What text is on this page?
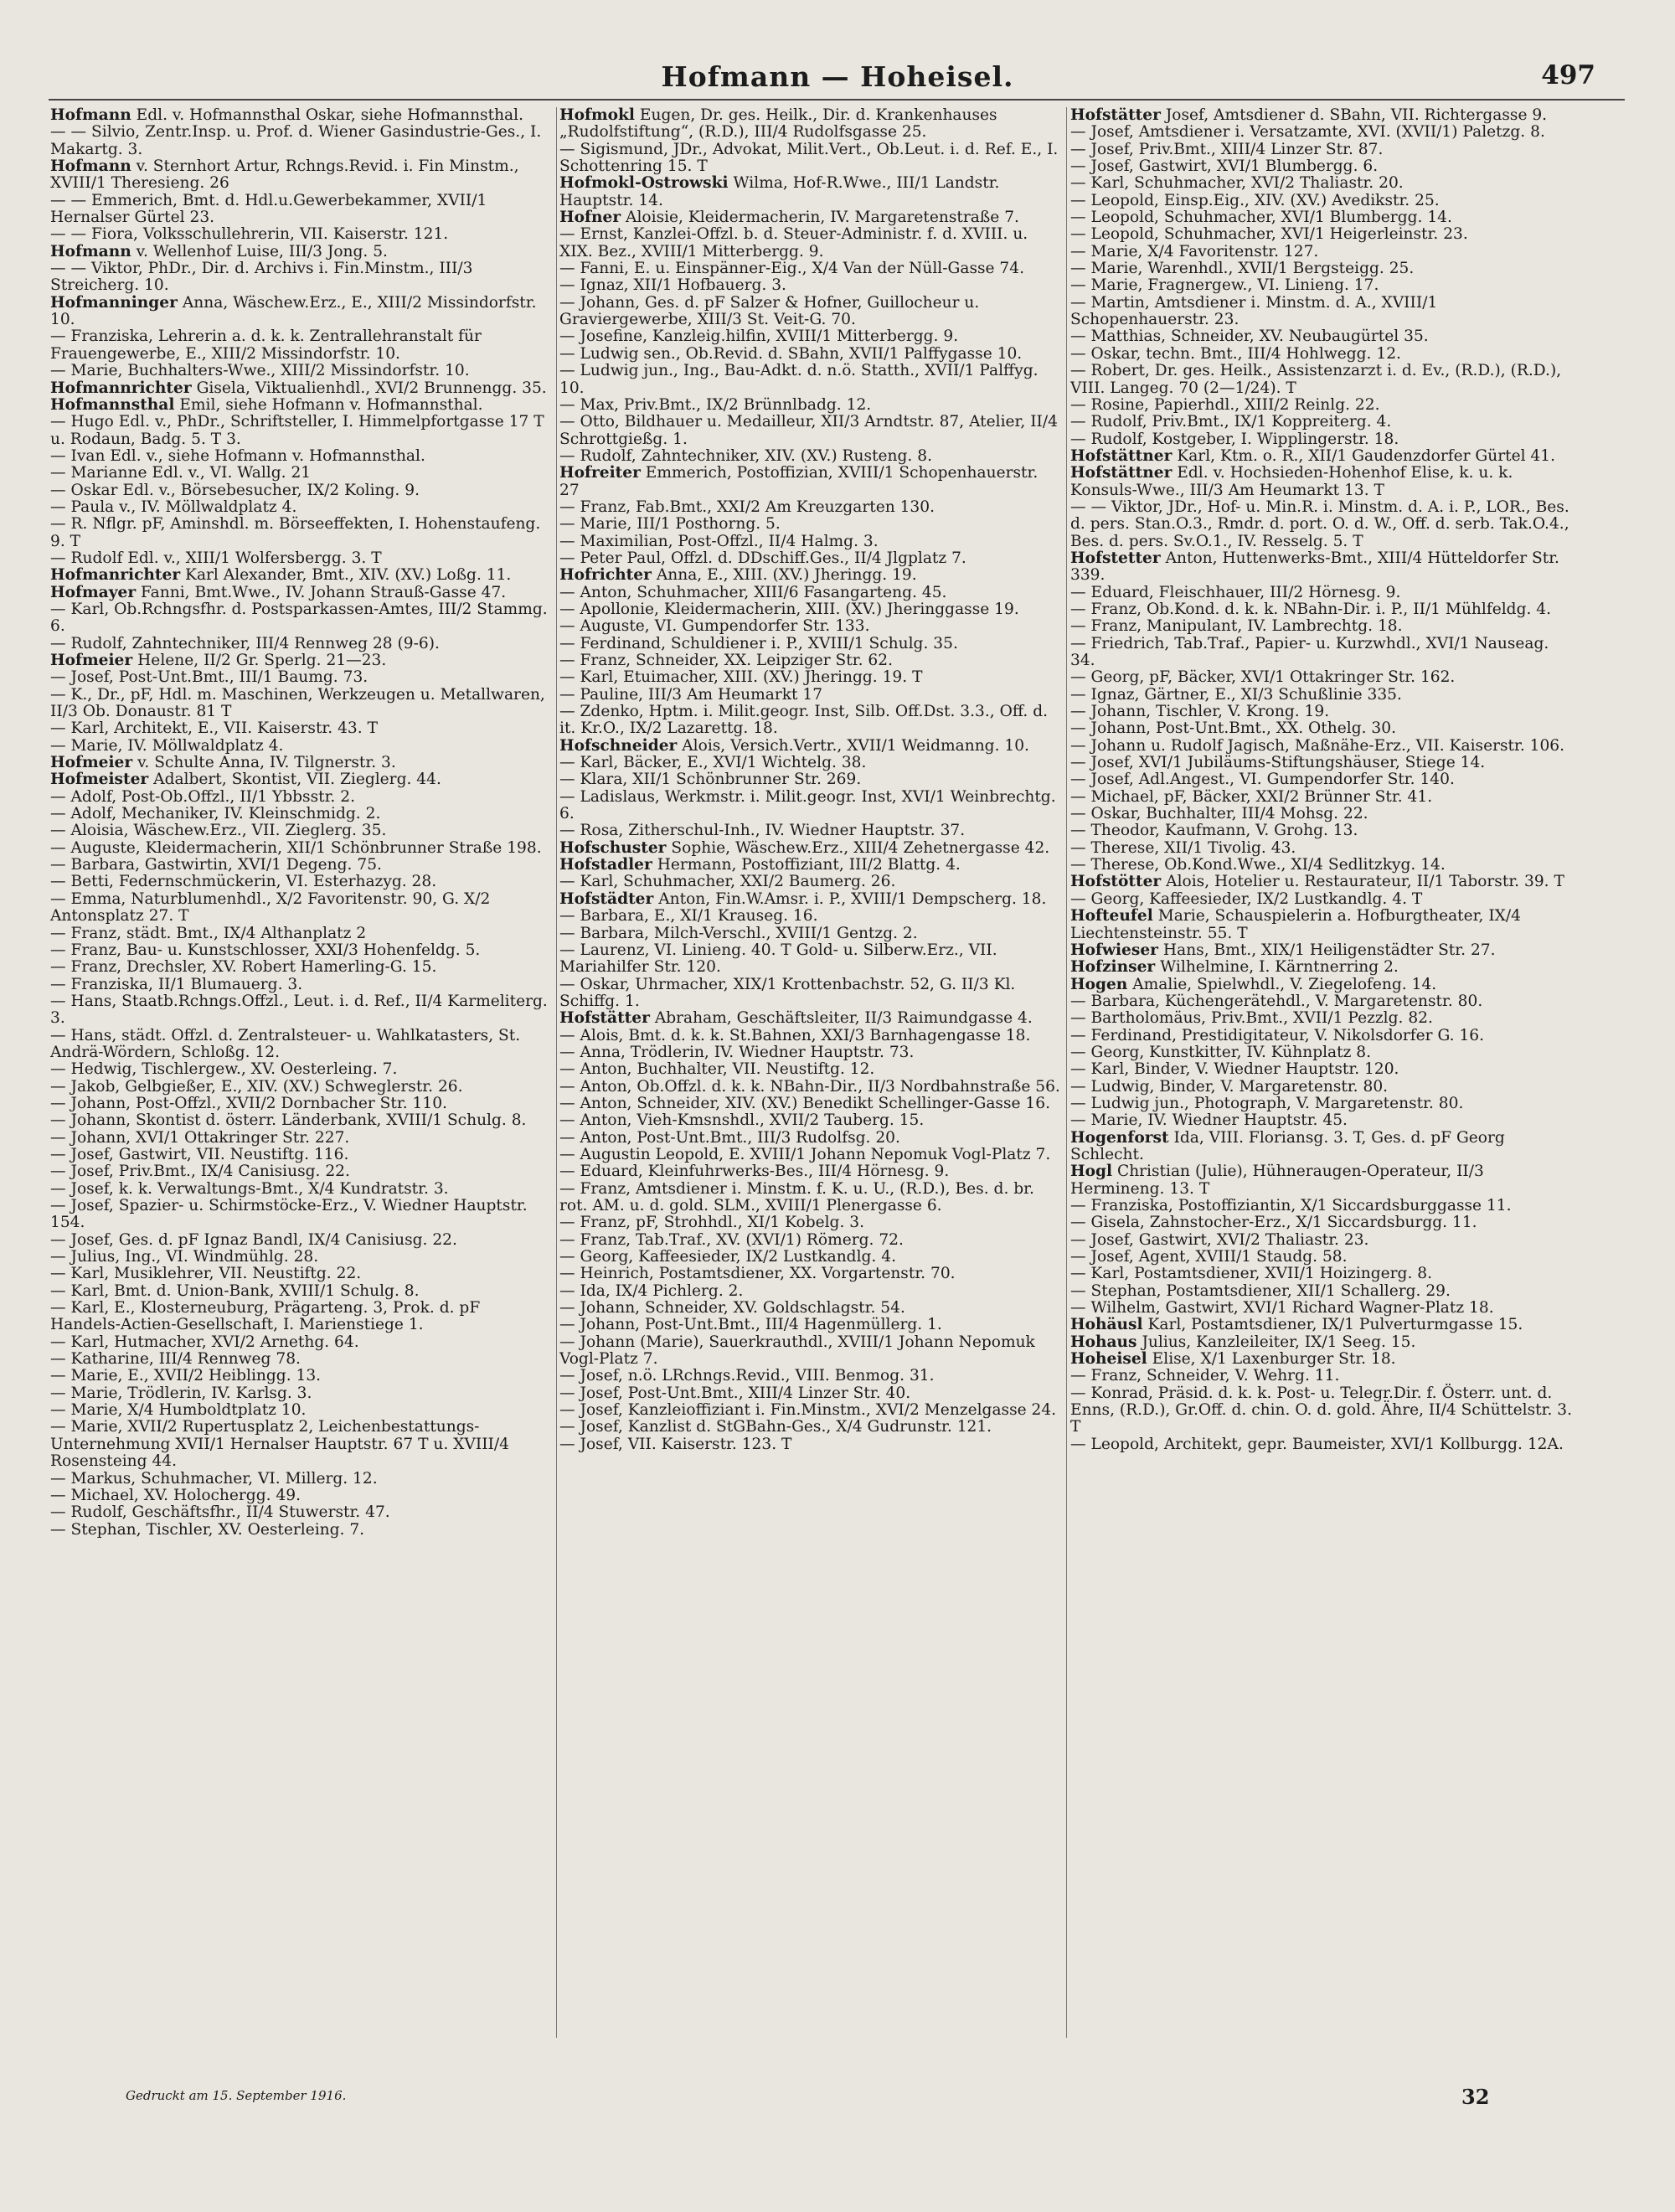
Hofmann — Hoheisel.	497
Hofmann Edl. v. Hofmannsthal Oskar, siehe Hofmannsthal.
— — Silvio, Zentr.Insp. u. Prof. d. Wiener Gasindustrie-Ges., I. Makartg. 3.
Hofmann v. Sternhort Artur, Rchngs.Revid. i. Fin Minstm., XVIII/1 Theresieng. 26
— — Emmerich, Bmt. d. Hdl.u.Gewerbekammer, XVII/1 Hernalser Gürtel 23.
— — Fiora, Volksschullehrerin, VII. Kaiserstr. 121.
Hofmann v. Wellenhof Luise, III/3 Jong. 5.
— — Viktor, PhDr., Dir. d. Archivs i. Fin.Minstm., III/3 Streicherg. 10.
Hofmanninger Anna, Wäschew.Erz., E., XIII/2 Missindorfstr. 10.
— Franziska, Lehrerin a. d. k. k. Zentrallehranstalt für Frauengewerbe, E., XIII/2 Missindorfstr. 10.
— Marie, Buchhalters-Wwe., XIII/2 Missindorfstr. 10.
Hofmannrichter Gisela, Viktualienhdl., XVI/2 Brunnengg. 35.
Hofmannsthal Emil, siehe Hofmann v. Hofmannsthal.
— Hugo Edl. v., PhDr., Schriftsteller, I. Himmelpfortgasse 17 T u. Rodaun, Badg. 5. T 3.
— Ivan Edl. v., siehe Hofmann v. Hofmannsthal.
— Marianne Edl. v., VI. Wallg. 21
— Oskar Edl. v., Börsebesucher, IX/2 Koling. 9.
— Paula v., IV. Möllwaldplatz 4.
— R. Nflgr. pF, Aminshdl. m. Börseeffekten, I. Hohenstaufeng. 9. T
— Rudolf Edl. v., XIII/1 Wolfersbergg. 3. T
Hofmanrichter Karl Alexander, Bmt., XIV. (XV.) Loßg. 11.
Hofmayer Fanni, Bmt.Wwe., IV. Johann Strauß-Gasse 47.
— Karl, Ob.Rchngsfhr. d. Postsparkassen-Amtes, III/2 Stammg. 6.
— Rudolf, Zahntechniker, III/4 Rennweg 28 (9-6).
Hofmeier Helene, II/2 Gr. Sperlg. 21—23.
— Josef, Post-Unt.Bmt., III/1 Baumg. 73.
— K., Dr., pF, Hdl. m. Maschinen, Werkzeugen u. Metallwaren, II/3 Ob. Donaustr. 81 T
— Karl, Architekt, E., VII. Kaiserstr. 43. T
— Marie, IV. Möllwaldplatz 4.
Hofmeier v. Schulte Anna, IV. Tilgnerstr. 3.
Hofmeister Adalbert, Skontist, VII. Zieglerg. 44.
— Adolf, Post-Ob.Offzl., II/1 Ybbsstr. 2.
— Adolf, Mechaniker, IV. Kleinschmidg. 2.
— Aloisia, Wäschew.Erz., VII. Zieglerg. 35.
— Auguste, Kleidermacherin, XII/1 Schönbrunner Straße 198.
— Barbara, Gastwirtin, XVI/1 Degeng. 75.
— Betti, Federnschmückerin, VI. Esterhazyg. 28.
— Emma, Naturblumenhdl., X/2 Favoritenstr. 90, G. X/2 Antonsplatz 27. T
— Franz, städt. Bmt., IX/4 Althanplatz 2
— Franz, Bau- u. Kunstschlosser, XXI/3 Hohenfeldg. 5.
— Franz, Drechsler, XV. Robert Hamerling-G. 15.
— Franziska, II/1 Blumauerg. 3.
— Hans, Staatb.Rchngs.Offzl., Leut. i. d. Ref., II/4 Karmeliterg. 3.
— Hans, städt. Offzl. d. Zentralsteuer- u. Wahlkatasters, St. Andrä-Wördern, Schloßg. 12.
— Hedwig, Tischlergew., XV. Oesterleing. 7.
— Jakob, Gelbgießer, E., XIV. (XV.) Schweglerstr. 26.
— Johann, Post-Offzl., XVII/2 Dornbacher Str. 110.
— Johann, Skontist d. österr. Länderbank, XVIII/1 Schulg. 8.
— Johann, XVI/1 Ottakringer Str. 227.
— Josef, Gastwirt, VII. Neustiftg. 116.
— Josef, Priv.Bmt., IX/4 Canisiusg. 22.
— Josef, k. k. Verwaltungs-Bmt., X/4 Kundratstr. 3.
— Josef, Spazier- u. Schirmstöcke-Erz., V. Wiedner Hauptstr. 154.
— Josef, Ges. d. pF Ignaz Bandl, IX/4 Canisiusg. 22.
— Julius, Ing., VI. Windmühlg. 28.
— Karl, Musiklehrer, VII. Neustiftg. 22.
— Karl, Bmt. d. Union-Bank, XVIII/1 Schulg. 8.
— Karl, E., Klosterneuburg, Prägarteng. 3, Prok. d. pF Handels-Actien-Gesellschaft, I. Marienstiege 1.
— Karl, Hutmacher, XVI/2 Arnethg. 64.
— Katharine, III/4 Rennweg 78.
— Marie, E., XVII/2 Heiblingg. 13.
— Marie, Trödlerin, IV. Karlsg. 3.
— Marie, X/4 Humboldtplatz 10.
— Marie, XVII/2 Rupertusplatz 2, Leichenbestattungs-Unternehmung XVII/1 Hernalser Hauptstr. 67 T u. XVIII/4 Rosensteing 44.
— Markus, Schuhmacher, VI. Millerg. 12.
— Michael, XV. Holochergg. 49.
— Rudolf, Geschäftsfhr., II/4 Stuwerstr. 47.
— Stephan, Tischler, XV. Oesterleing. 7.
Hofmokl Eugen, Dr. ges. Heilk., Dir. d. Krankenhauses „Rudolfstiftung“, (R.D.), III/4 Rudolfsgasse 25.
— Sigismund, JDr., Advokat, Milit.Vert., Ob.Leut. i. d. Ref. E., I. Schottenring 15. T
Hofmokl-Ostrowski Wilma, Hof-R.Wwe., III/1 Landstr. Hauptstr. 14.
Hofner Aloisie, Kleidermacherin, IV. Margaretenstraße 7.
— Ernst, Kanzlei-Offzl. b. d. Steuer-Administr. f. d. XVIII. u. XIX. Bez., XVIII/1 Mitterbergg. 9.
— Fanni, E. u. Einspänner-Eig., X/4 Van der Nüll-Gasse 74.
— Ignaz, XII/1 Hofbauerg. 3.
— Johann, Ges. d. pF Salzer & Hofner, Guillocheur u. Graviergewerbe, XIII/3 St. Veit-G. 70.
— Josefine, Kanzleig.hilfin, XVIII/1 Mitterbergg. 9.
— Ludwig sen., Ob.Revid. d. SBahn, XVII/1 Palffygasse 10.
— Ludwig jun., Ing., Bau-Adkt. d. n.ö. Statth., XVII/1 Palffyg. 10.
— Max, Priv.Bmt., IX/2 Brünnlbadg. 12.
— Otto, Bildhauer u. Medailleur, XII/3 Arndtstr. 87, Atelier, II/4 Schrottgießg. 1.
— Rudolf, Zahntechniker, XIV. (XV.) Rusteng. 8.
Hofreiter Emmerich, Postoffizian, XVIII/1 Schopenhauerstr. 27
— Franz, Fab.Bmt., XXI/2 Am Kreuzgarten 130.
— Marie, III/1 Posthorng. 5.
— Maximilian, Post-Offzl., II/4 Halmg. 3.
— Peter Paul, Offzl. d. DDschiff.Ges., II/4 Jlgplatz 7.
Hofrichter Anna, E., XIII. (XV.) Jheringg. 19.
— Anton, Schuhmacher, XIII/6 Fasangarteng. 45.
— Apollonie, Kleidermacherin, XIII. (XV.) Jheringgasse 19.
— Auguste, VI. Gumpendorfer Str. 133.
— Ferdinand, Schuldiener i. P., XVIII/1 Schulg. 35.
— Franz, Schneider, XX. Leipziger Str. 62.
— Karl, Etuimacher, XIII. (XV.) Jheringg. 19. T
— Pauline, III/3 Am Heumarkt 17
— Zdenko, Hptm. i. Milit.geogr. Inst, Silb. Off.Dst. 3.3., Off. d. it. Kr.O., IX/2 Lazarettg. 18.
Hofschneider Alois, Versich.Vertr., XVII/1 Weidmanng. 10.
— Karl, Bäcker, E., XVI/1 Wichtelg. 38.
— Klara, XII/1 Schönbrunner Str. 269.
— Ladislaus, Werkmstr. i. Milit.geogr. Inst, XVI/1 Weinbrechtg. 6.
— Rosa, Zitherschul-Inh., IV. Wiedner Hauptstr. 37.
Hofschuster Sophie, Wäschew.Erz., XIII/4 Zehetnergasse 42.
Hofstadler Hermann, Postoffiziant, III/2 Blattg. 4.
— Karl, Schuhmacher, XXI/2 Baumerg. 26.
Hofstädter Anton, Fin.W.Amsr. i. P., XVIII/1 Dempscherg. 18.
— Barbara, E., XI/1 Krauseg. 16.
— Barbara, Milch-Verschl., XVIII/1 Gentzg. 2.
— Laurenz, VI. Linieng. 40. T Gold- u. Silberw.Erz., VII. Mariahilfer Str. 120.
— Oskar, Uhrmacher, XIX/1 Krottenbachstr. 52, G. II/3 Kl. Schiffg. 1.
Hofstätter Abraham, Geschäftsleiter, II/3 Raimundgasse 4.
— Alois, Bmt. d. k. k. St.Bahnen, XXI/3 Barnhagengasse 18.
— Anna, Trödlerin, IV. Wiedner Hauptstr. 73.
— Anton, Buchhalter, VII. Neustiftg. 12.
— Anton, Ob.Offzl. d. k. k. NBahn-Dir., II/3 Nordbahnstraße 56.
— Anton, Schneider, XIV. (XV.) Benedikt Schellinger-Gasse 16.
— Anton, Vieh-Kmsnshdl., XVII/2 Tauberg. 15.
— Anton, Post-Unt.Bmt., III/3 Rudolfsg. 20.
— Augustin Leopold, E. XVIII/1 Johann Nepomuk Vogl-Platz 7.
— Eduard, Kleinfuhrwerks-Bes., III/4 Hörnesg. 9.
— Franz, Amtsdiener i. Minstm. f. K. u. U., (R.D.), Bes. d. br. rot. AM. u. d. gold. SLM., XVIII/1 Plenergasse 6.
— Franz, pF, Strohhdl., XI/1 Kobelg. 3.
— Franz, Tab.Traf., XV. (XVI/1) Römerg. 72.
— Georg, Kaffeesieder, IX/2 Lustkandlg. 4.
— Heinrich, Postamtsdiener, XX. Vorgartenstr. 70.
— Ida, IX/4 Pichlerg. 2.
— Johann, Schneider, XV. Goldschlagstr. 54.
— Johann, Post-Unt.Bmt., III/4 Hagenmüllerg. 1.
— Johann (Marie), Sauerkrauthdl., XVIII/1 Johann Nepomuk Vogl-Platz 7.
— Josef, n.ö. LRchngs.Revid., VIII. Benmog. 31.
— Josef, Post-Unt.Bmt., XIII/4 Linzer Str. 40.
— Josef, Kanzleioffiziant i. Fin.Minstm., XVI/2 Menzelgasse 24.
— Josef, Kanzlist d. StGBahn-Ges., X/4 Gudrunstr. 121.
— Josef, VII. Kaiserstr. 123. T
Hofstätter Josef, Amtsdiener d. SBahn, VII. Richtergasse 9.
— Josef, Amtsdiener i. Versatzamte, XVI. (XVII/1) Paletzg. 8.
— Josef, Priv.Bmt., XIII/4 Linzer Str. 87.
— Josef, Gastwirt, XVI/1 Blumbergg. 6.
— Karl, Schuhmacher, XVI/2 Thaliastr. 20.
— Leopold, Einsp.Eig., XIV. (XV.) Avedikstr. 25.
— Leopold, Schuhmacher, XVI/1 Blumbergg. 14.
— Leopold, Schuhmacher, XVI/1 Heigerleinstr. 23.
— Marie, X/4 Favoritenstr. 127.
— Marie, Warenhdl., XVII/1 Bergsteigg. 25.
— Marie, Fragnergew., VI. Linieng. 17.
— Martin, Amtsdiener i. Minstm. d. A., XVIII/1 Schopenhauerstr. 23.
— Matthias, Schneider, XV. Neubaugürtel 35.
— Oskar, techn. Bmt., III/4 Hohlwegg. 12.
— Robert, Dr. ges. Heilk., Assistenzarzt i. d. Ev., (R.D.), (R.D.), VIII. Langeg. 70 (2—1/24). T
— Rosine, Papierhdl., XIII/2 Reinlg. 22.
— Rudolf, Priv.Bmt., IX/1 Koppreiterg. 4.
— Rudolf, Kostgeber, I. Wipplingerstr. 18.
Hofstättner Karl, Ktm. o. R., XII/1 Gaudenzdorfer Gürtel 41.
Hofstättner Edl. v. Hochsieden-Hohenhof Elise, k. u. k. Konsuls-Wwe., III/3 Am Heumarkt 13. T
— — Viktor, JDr., Hof- u. Min.R. i. Minstm. d. A. i. P., LOR., Bes. d. pers. Stan.O.3., Rmdr. d. port. O. d. W., Off. d. serb. Tak.O.4., Bes. d. pers. Sv.O.1., IV. Resselg. 5. T
Hofstetter Anton, Huttenwerks-Bmt., XIII/4 Hütteldorfer Str. 339.
— Eduard, Fleischhauer, III/2 Hörnesg. 9.
— Franz, Ob.Kond. d. k. k. NBahn-Dir. i. P., II/1 Mühlfeldg. 4.
— Franz, Manipulant, IV. Lambrechtg. 18.
— Friedrich, Tab.Traf., Papier- u. Kurzwhdl., XVI/1 Nauseag. 34.
— Georg, pF, Bäcker, XVI/1 Ottakringer Str. 162.
— Ignaz, Gärtner, E., XI/3 Schußlinie 335.
— Johann, Tischler, V. Krong. 19.
— Johann, Post-Unt.Bmt., XX. Othelg. 30.
— Johann u. Rudolf Jagisch, Maßnähe-Erz., VII. Kaiserstr. 106.
— Josef, XVI/1 Jubiläums-Stiftungshäuser, Stiege 14.
— Josef, Adl.Angest., VI. Gumpendorfer Str. 140.
— Michael, pF, Bäcker, XXI/2 Brünner Str. 41.
— Oskar, Buchhalter, III/4 Mohsg. 22.
— Theodor, Kaufmann, V. Grohg. 13.
— Therese, XII/1 Tivolig. 43.
— Therese, Ob.Kond.Wwe., XI/4 Sedlitzkyg. 14.
Hofstötter Alois, Hotelier u. Restaurateur, II/1 Taborstr. 39. T
— Georg, Kaffeesieder, IX/2 Lustkandlg. 4. T
Hofteufel Marie, Schauspielerin a. Hofburgtheater, IX/4 Liechtensteinstr. 55. T
Hofwieser Hans, Bmt., XIX/1 Heiligenstädter Str. 27.
Hofzinser Wilhelmine, I. Kärntnerring 2.
Hogen Amalie, Spielwhdl., V. Ziegelofeng. 14.
— Barbara, Küchengerätehdl., V. Margaretenstr. 80.
— Bartholomäus, Priv.Bmt., XVII/1 Pezzlg. 82.
— Ferdinand, Prestidigitateur, V. Nikolsdorfer G. 16.
— Georg, Kunstkitter, IV. Kühnplatz 8.
— Karl, Binder, V. Wiedner Hauptstr. 120.
— Ludwig, Binder, V. Margaretenstr. 80.
— Ludwig jun., Photograph, V. Margaretenstr. 80.
— Marie, IV. Wiedner Hauptstr. 45.
Hogenforst Ida, VIII. Floriansg. 3. T, Ges. d. pF Georg Schlecht.
Hogl Christian (Julie), Hühneraugen-Operateur, II/3 Hermineng. 13. T
— Franziska, Postoffiziantin, X/1 Siccardsburggasse 11.
— Gisela, Zahnstocher-Erz., X/1 Siccardsburgg. 11.
— Josef, Gastwirt, XVI/2 Thaliastr. 23.
— Josef, Agent, XVIII/1 Staudg. 58.
— Karl, Postamtsdiener, XVII/1 Hoizingerg. 8.
— Stephan, Postamtsdiener, XII/1 Schallerg. 29.
— Wilhelm, Gastwirt, XVI/1 Richard Wagner-Platz 18.
Hohäusl Karl, Postamtsdiener, IX/1 Pulverturmgasse 15.
Hohaus Julius, Kanzleileiter, IX/1 Seeg. 15.
Hoheisel Elise, X/1 Laxenburger Str. 18.
— Franz, Schneider, V. Wehrg. 11.
— Konrad, Präsid. d. k. k. Post- u. Telegr.Dir. f. Österr. unt. d. Enns, (R.D.), Gr.Off. d. chin. O. d. gold. Ähre, II/4 Schüttelstr. 3. T
— Leopold, Architekt, gepr. Baumeister, XVI/1 Kollburgg. 12A.
Gedruckt am 15. September 1916.	32
